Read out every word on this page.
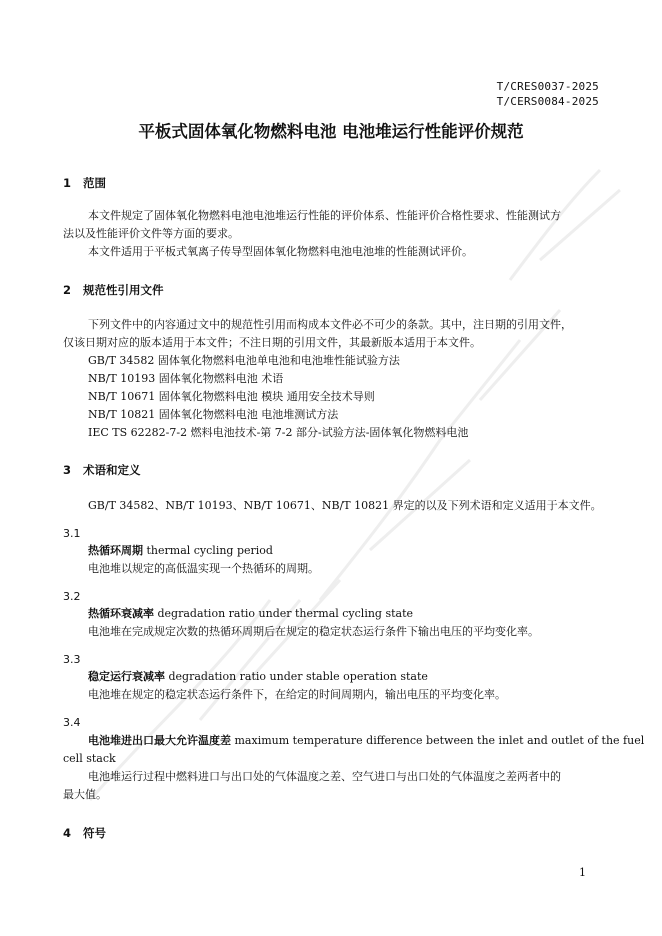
T/CRES0037-2025
T/CERS0084-2025
平板式固体氧化物燃料电池 电池堆运行性能评价规范
1 范围
本文件规定了固体氧化物燃料电池电池堆运行性能的评价体系、性能评价合格性要求、性能测试方
法以及性能评价文件等方面的要求。
本文件适用于平板式氧离子传导型固体氧化物燃料电池电池堆的性能测试评价。
2 规范性引用文件
下列文件中的内容通过文中的规范性引用而构成本文件必不可少的条款。其中，注日期的引用文件，
仅该日期对应的版本适用于本文件；不注日期的引用文件，其最新版本适用于本文件。
GB/T 34582 固体氧化物燃料电池单电池和电池堆性能试验方法
NB/T 10193 固体氧化物燃料电池 术语
NB/T 10671 固体氧化物燃料电池 模块 通用安全技术导则
NB/T 10821 固体氧化物燃料电池 电池堆测试方法
IEC TS 62282-7-2 燃料电池技术-第 7-2 部分-试验方法-固体氧化物燃料电池
3 术语和定义
GB/T 34582、NB/T 10193、NB/T 10671、NB/T 10821 界定的以及下列术语和定义适用于本文件。
3.1
热循环周期 thermal cycling period
电池堆以规定的高低温实现一个热循环的周期。
3.2
热循环衰减率 degradation ratio under thermal cycling state
电池堆在完成规定次数的热循环周期后在规定的稳定状态运行条件下输出电压的平均变化率。
3.3
稳定运行衰减率 degradation ratio under stable operation state
电池堆在规定的稳定状态运行条件下，在给定的时间周期内，输出电压的平均变化率。
3.4
电池堆进出口最大允许温度差 maximum temperature difference between the inlet and outlet of the fuel
cell stack
电池堆运行过程中燃料进口与出口处的气体温度之差、空气进口与出口处的气体温度之差两者中的
最大值。
4 符号
1
